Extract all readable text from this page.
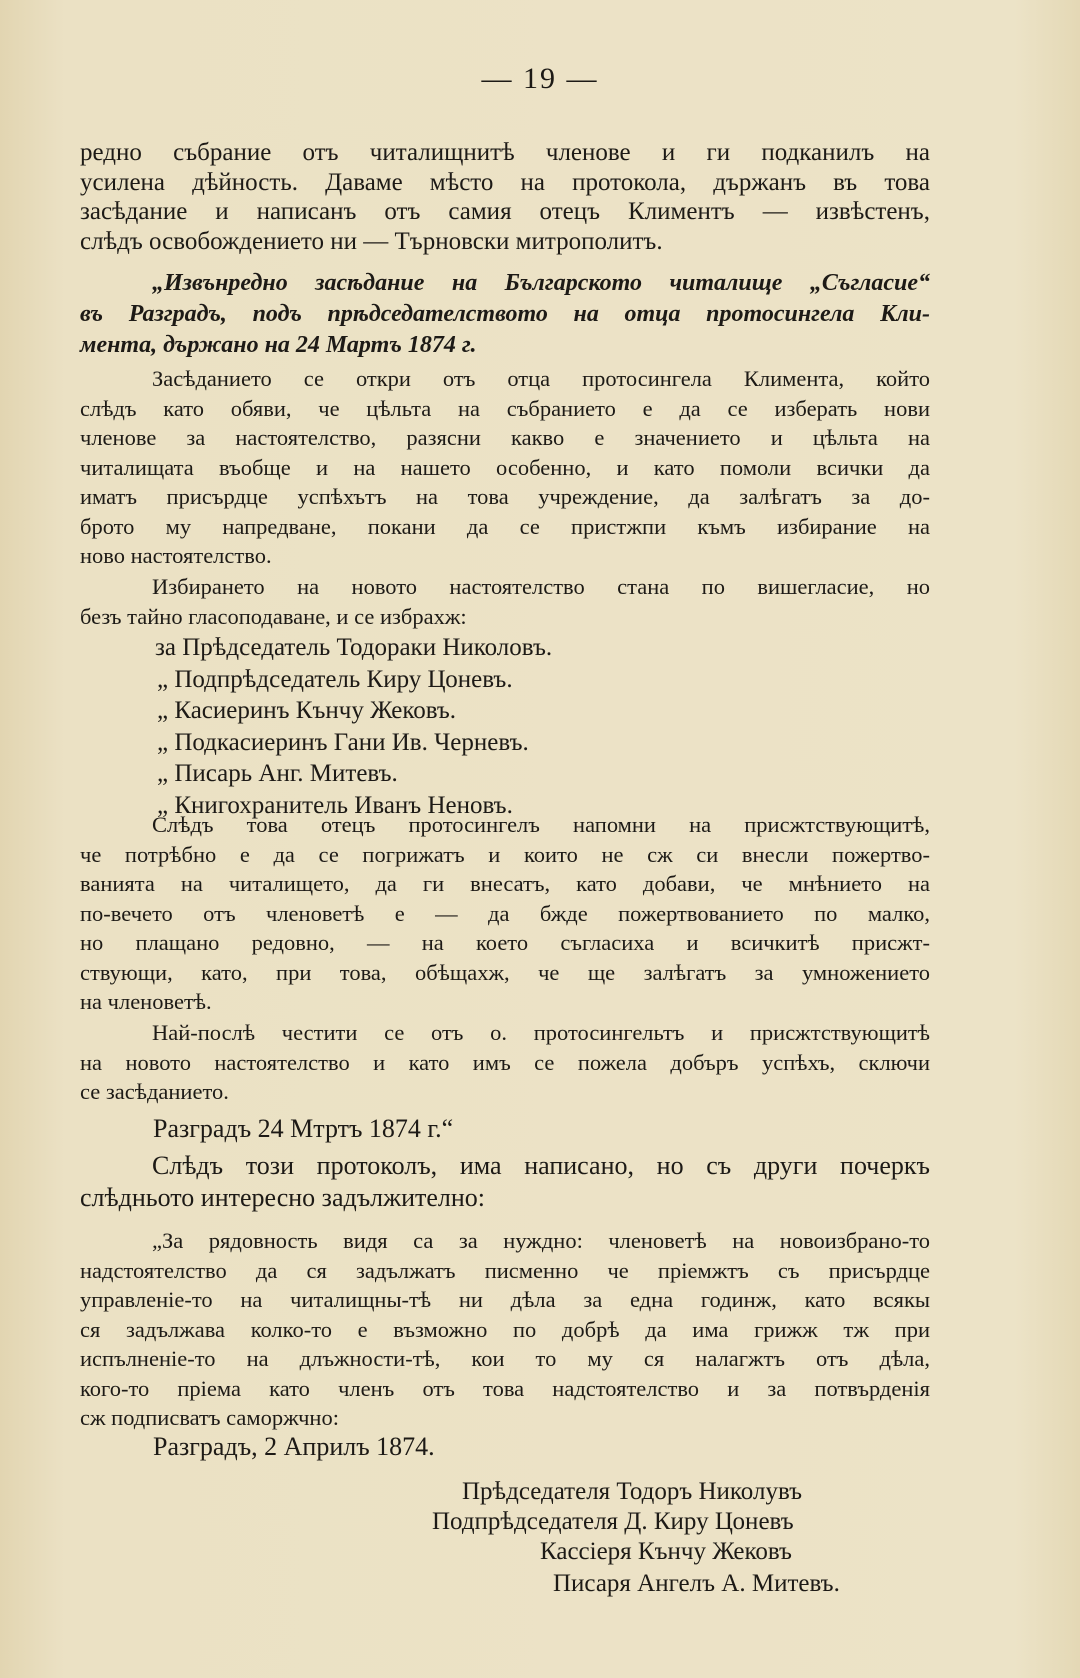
— 19 —
редно събрание отъ читалищнитѣ членове и ги подканилъ на
усилена дѣйность. Даваме мѣсто на протокола, държанъ въ това
засѣдание и написанъ отъ самия отецъ Климентъ — извѣстенъ,
слѣдъ освобождението ни — Търновски митрополитъ.
„Извънредно засѣдание на Българското читалище „Съгласие“
въ Разградъ, подъ прѣдседателството на отца протосингела Кли-
мента, държано на 24 Мартъ 1874 г.
Засѣданието се откри отъ отца протосингела Климента, който
слѣдъ като обяви, че цѣльта на събранието е да се изберать нови
членове за настоятелство, разясни какво е значението и цѣльта на
читалищата въобще и на нашето особенно, и като помоли всички да
иматъ присърдце успѣхътъ на това учреждение, да залѣгатъ за до-
брото му напредване, покани да се пристжпи къмъ избирание на
ново настоятелство.
Избирането на новото настоятелство стана по вишегласие, но
безъ тайно гласоподаване, и се избрахж:
за Прѣдседатель Тодораки Николовъ.
„ Подпрѣдседатель Киру Цоневъ.
„ Касиеринъ Кънчу Жековъ.
„ Подкасиеринъ Гани Ив. Черневъ.
„ Писарь Анг. Митевъ.
„ Книгохранитель Иванъ Неновъ.
Слѣдъ това отецъ протосингелъ напомни на присжтствующитѣ,
че потрѣбно е да се погрижатъ и които не сж си внесли пожертво-
ванията на читалището, да ги внесатъ, като добави, че мнѣнието на
по-вечето отъ членоветѣ е — да бжде пожертвованието по малко,
но плащано редовно, — на което съгласиха и всичкитѣ присжт-
ствующи, като, при това, обѣщахж, че ще залѣгатъ за умножението
на членоветѣ.
Най-послѣ честити се отъ о. протосингельтъ и присжтствующитѣ
на новото настоятелство и като имъ се пожела добъръ успѣхъ, сключи
се засѣданието.
Разградъ 24 Мтртъ 1874 г.“
Слѣдъ този протоколъ, има написано, но съ други почеркъ
слѣдньото интересно задължително:
„За рядовность видя са за нуждно: членоветѣ на новоизбрано-то
надстоятелство да ся задължатъ писменно че пріемжтъ съ присърдце
управленіе-то на читалищны-тѣ ни дѣла за една годинж, като всякы
ся задължава колко-то е възможно по добрѣ да има грижж тж при
испълненіе-то на длъжности-тѣ, кои то му ся налагжтъ отъ дѣла,
кого-то пріема като членъ отъ това надстоятелство и за потвърденія
сж подписватъ саморжчно:
Разградъ, 2 Априлъ 1874.
Прѣдседателя Тодоръ Николувъ
Подпрѣдседателя Д. Киру Цоневъ
Кассіеря Кънчу Жековъ
Писаря Ангелъ А. Митевъ.
